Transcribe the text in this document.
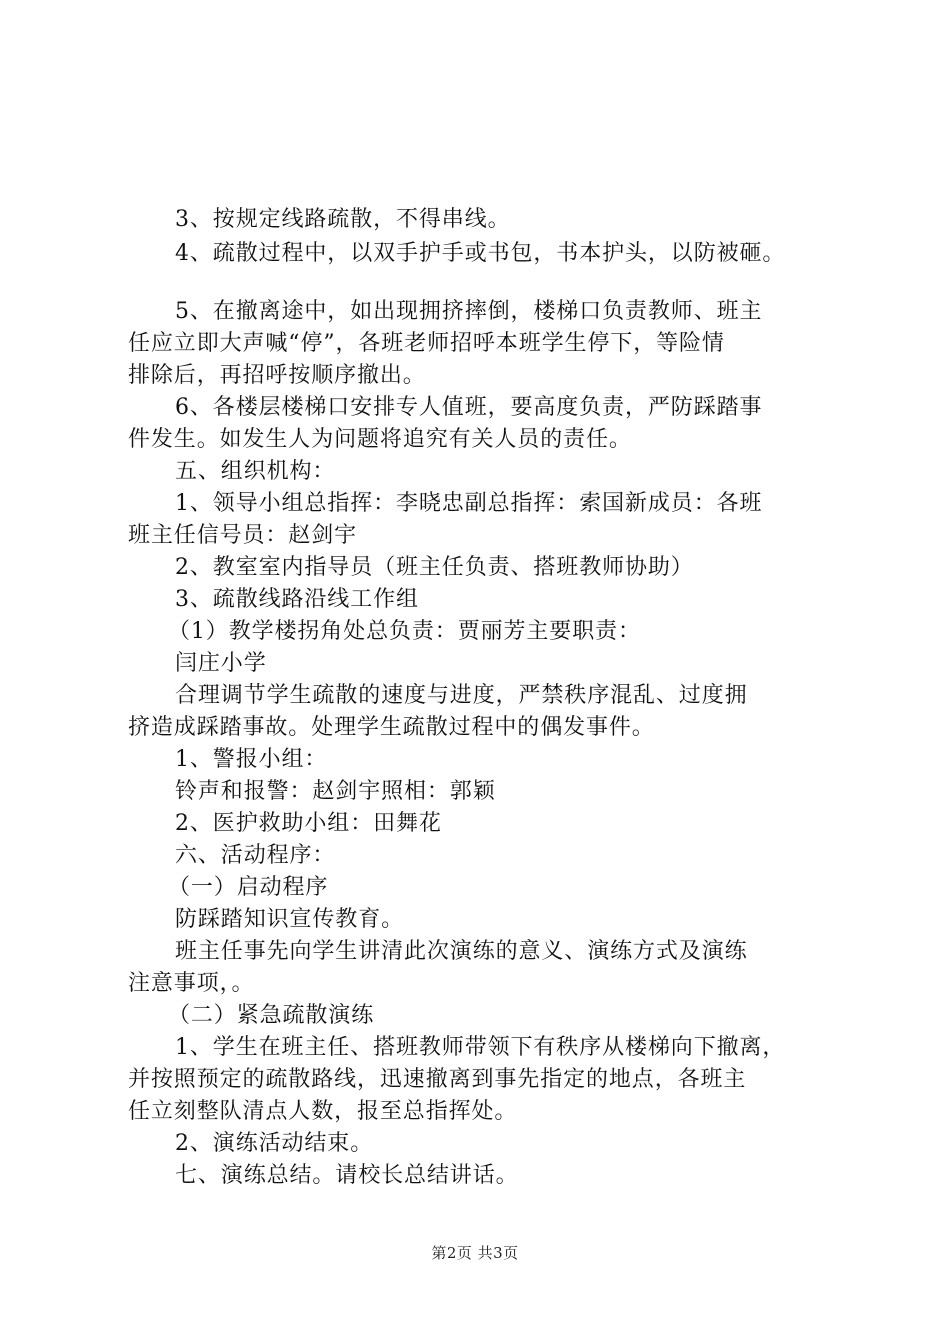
3、按规定线路疏散，不得串线。
4、疏散过程中，以双手护手或书包，书本护头，以防被砸。
5、在撤离途中，如出现拥挤摔倒，楼梯口负责教师、班主
任应立即大声喊“停”，各班老师招呼本班学生停下，等险情
排除后，再招呼按顺序撤出。
6、各楼层楼梯口安排专人值班，要高度负责，严防踩踏事
件发生。如发生人为问题将追究有关人员的责任。
五、组织机构：
1、领导小组总指挥：李晓忠副总指挥：索国新成员：各班
班主任信号员：赵剑宇
2、教室室内指导员（班主任负责、搭班教师协助）
3、疏散线路沿线工作组
（1）教学楼拐角处总负责：贾丽芳主要职责：
闫庄小学
合理调节学生疏散的速度与进度，严禁秩序混乱、过度拥
挤造成踩踏事故。处理学生疏散过程中的偶发事件。
1、警报小组：
铃声和报警：赵剑宇照相：郭颖
2、医护救助小组：田舞花
六、活动程序：
（一）启动程序
防踩踏知识宣传教育。
班主任事先向学生讲清此次演练的意义、演练方式及演练
注意事项，。
（二）紧急疏散演练
1、学生在班主任、搭班教师带领下有秩序从楼梯向下撤离，
并按照预定的疏散路线，迅速撤离到事先指定的地点，各班主
任立刻整队清点人数，报至总指挥处。
2、演练活动结束。
七、演练总结。请校长总结讲话。
第2页 共3页
